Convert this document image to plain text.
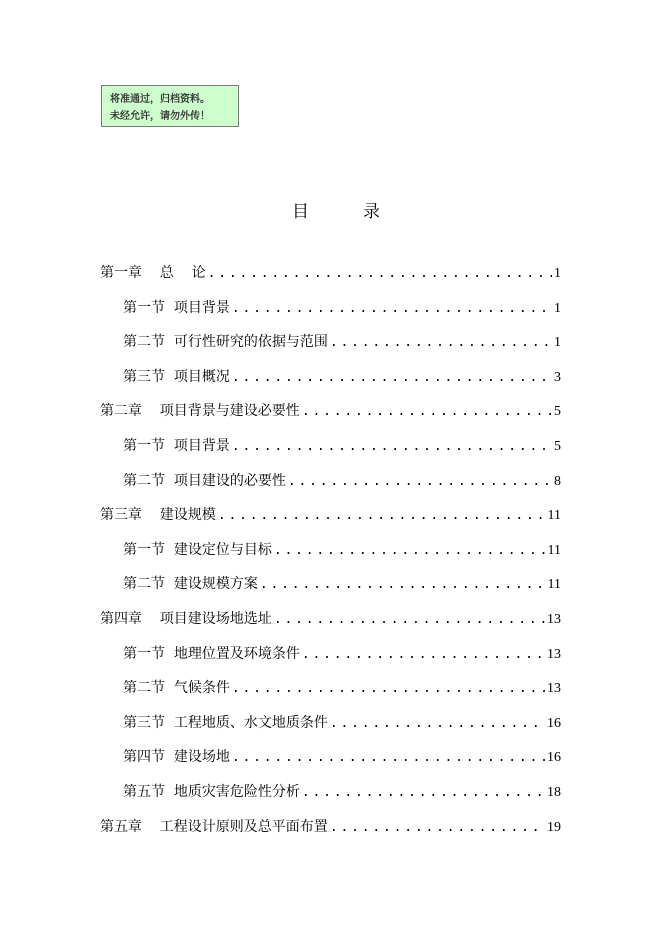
将准通过，归档资料。
未经允许，请勿外传！
目          录
第一章    总    论 .....	1
第一节  项目背景 .....	1
第二节  可行性研究的依据与范围 .....	1
第三节  项目概况 .....	3
第二章    项目背景与建设必要性 .....	5
第一节  项目背景 .....	5
第二节  项目建设的必要性 .....	8
第三章    建设规模 .....	11
第一节  建设定位与目标 .....	11
第二节  建设规模方案 .....	11
第四章    项目建设场地选址 .....	13
第一节  地理位置及环境条件 .....	13
第二节  气候条件 .....	13
第三节  工程地质、水文地质条件 .....	16
第四节  建设场地 .....	16
第五节  地质灾害危险性分析 .....	18
第五章    工程设计原则及总平面布置 .....	19
